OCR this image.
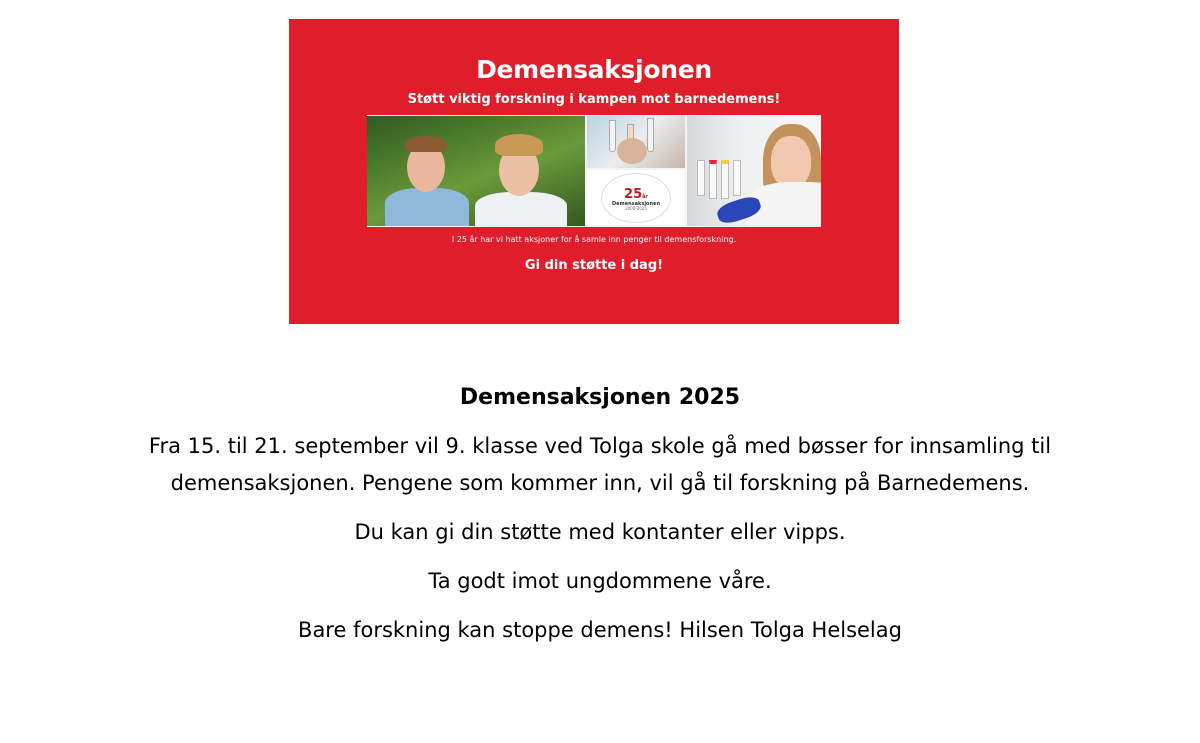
Demensaksjonen
Støtt viktig forskning i kampen mot barnedemens!
25år
Demensaksjonen
2000-2025
I 25 år har vi hatt aksjoner for å samle inn penger til demensforskning.
Gi din støtte i dag!
Demensaksjonen 2025

Fra 15. til 21. september vil 9. klasse ved Tolga skole gå med bøsser for innsamling til demensaksjonen. Pengene som kommer inn, vil gå til forskning på Barnedemens.

Du kan gi din støtte med kontanter eller vipps.

Ta godt imot ungdommene våre.

Bare forskning kan stoppe demens! Hilsen Tolga Helselag
